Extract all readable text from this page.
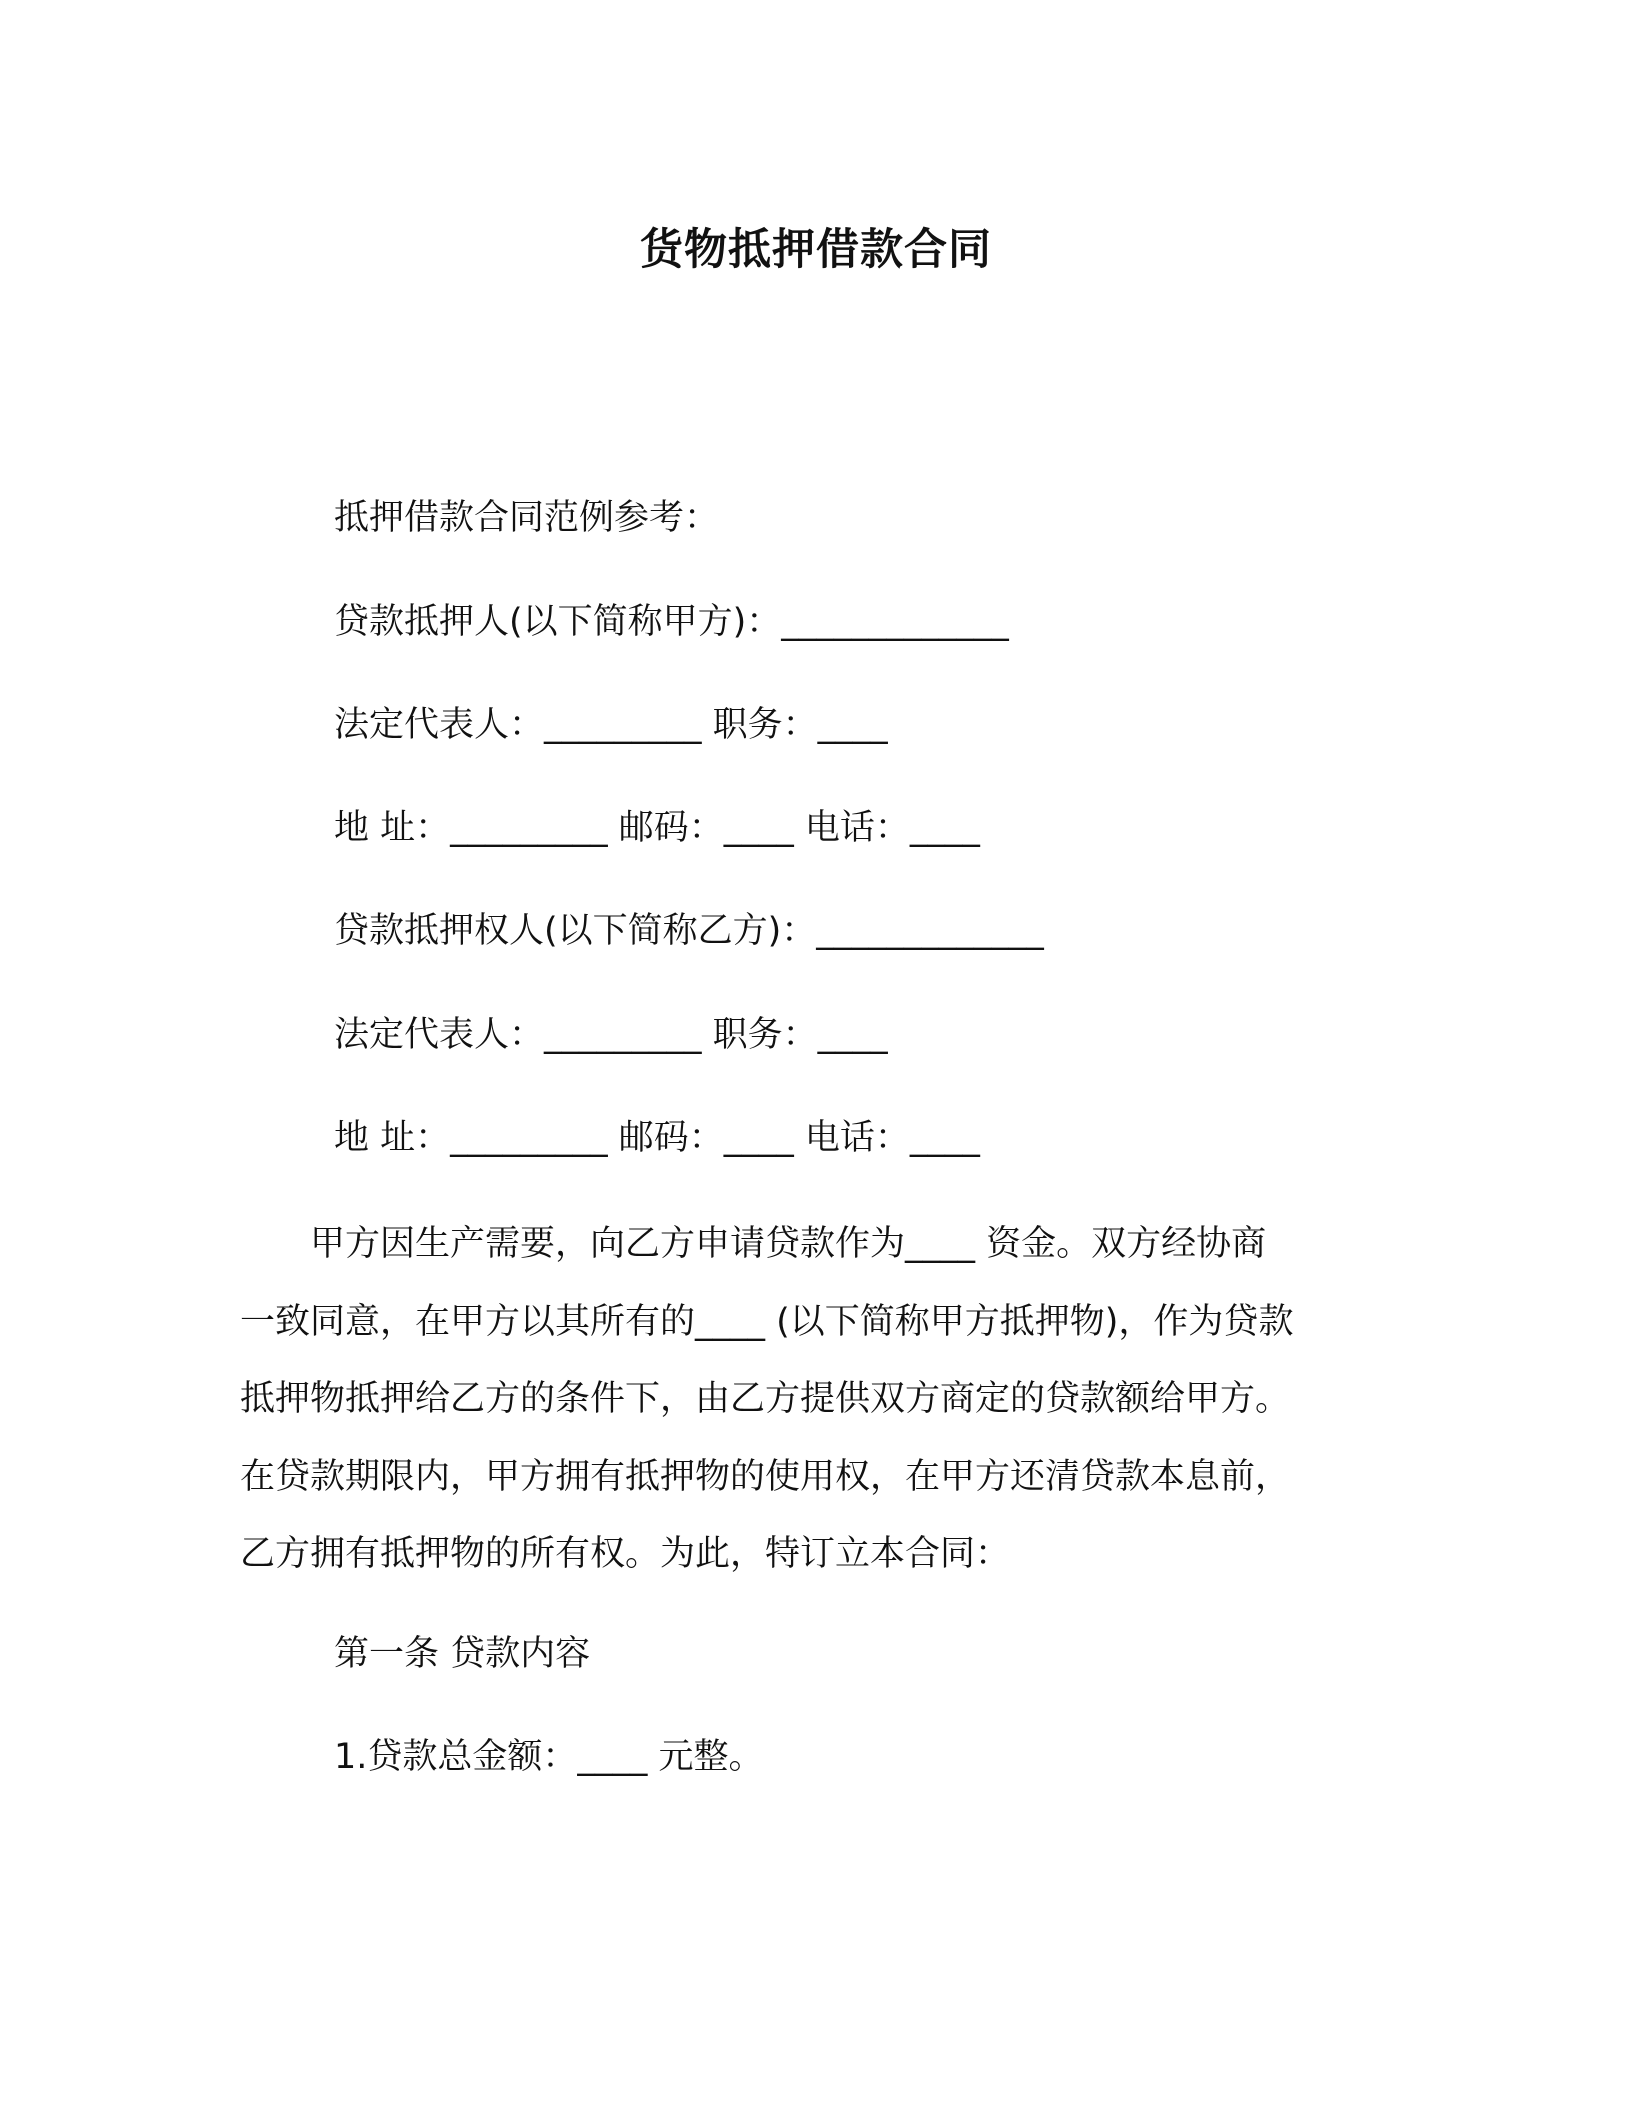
货物抵押借款合同
抵押借款合同范例参考：
贷款抵押人(以下简称甲方)：_____________
法定代表人：_________ 职务：____
地 址：_________ 邮码：____ 电话：____
贷款抵押权人(以下简称乙方)：_____________
法定代表人：_________ 职务：____
地 址：_________ 邮码：____ 电话：____
　　甲方因生产需要，向乙方申请贷款作为____ 资金。双方经协商
一致同意，在甲方以其所有的____ (以下简称甲方抵押物)，作为贷款
抵押物抵押给乙方的条件下，由乙方提供双方商定的贷款额给甲方。
在贷款期限内，甲方拥有抵押物的使用权，在甲方还清贷款本息前，
乙方拥有抵押物的所有权。为此，特订立本合同：
第一条 贷款内容
1.贷款总金额：____ 元整。
